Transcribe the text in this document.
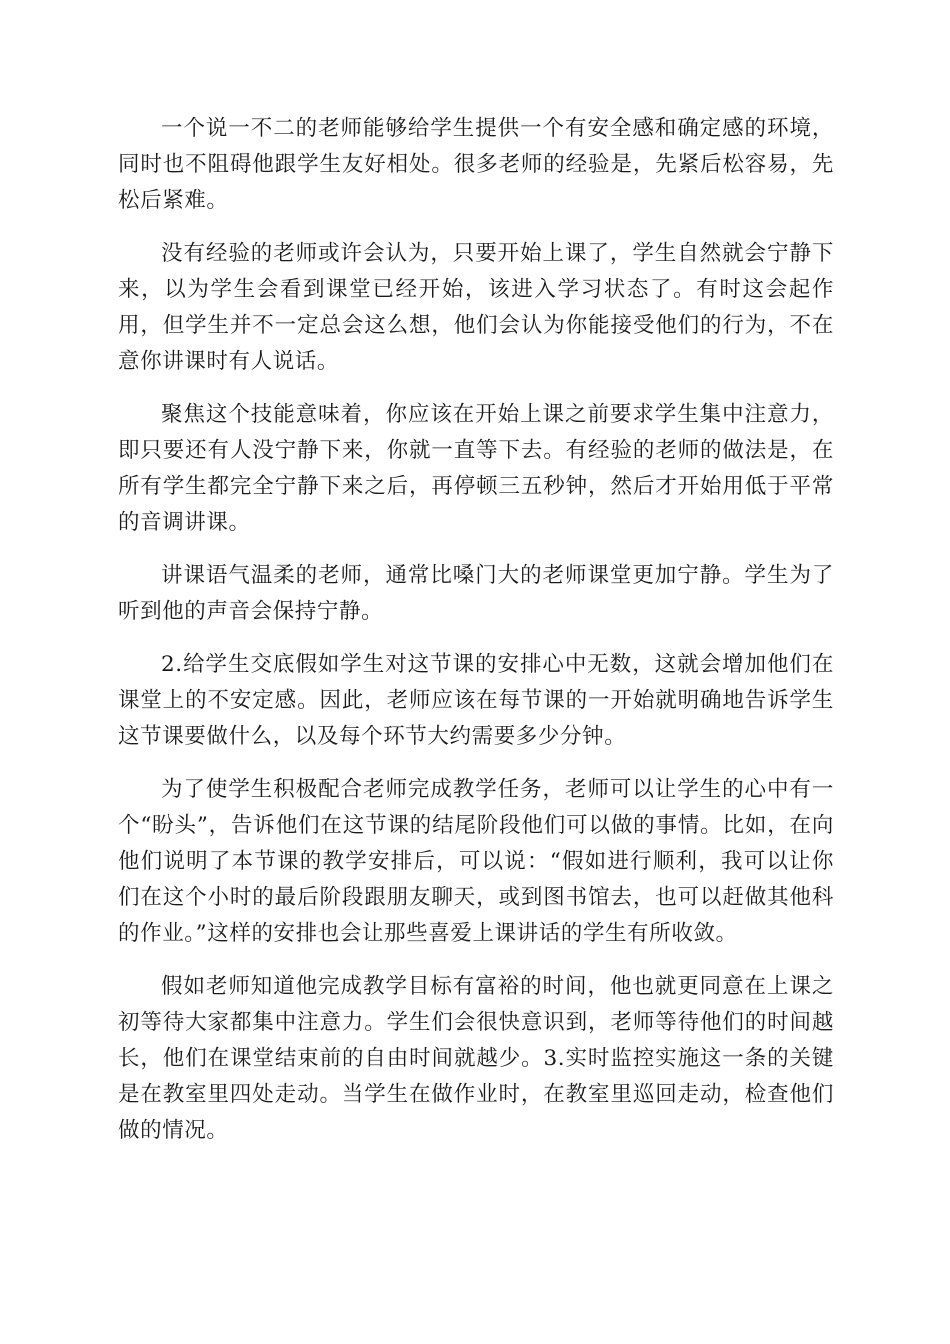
一个说一不二的老师能够给学生提供一个有安全感和确定感的环境，同时也不阻碍他跟学生友好相处。很多老师的经验是，先紧后松容易，先松后紧难。

没有经验的老师或许会认为，只要开始上课了，学生自然就会宁静下来，以为学生会看到课堂已经开始，该进入学习状态了。有时这会起作用，但学生并不一定总会这么想，他们会认为你能接受他们的行为，不在意你讲课时有人说话。

聚焦这个技能意味着，你应该在开始上课之前要求学生集中注意力，即只要还有人没宁静下来，你就一直等下去。有经验的老师的做法是，在所有学生都完全宁静下来之后，再停顿三五秒钟，然后才开始用低于平常的音调讲课。

讲课语气温柔的老师，通常比嗓门大的老师课堂更加宁静。学生为了听到他的声音会保持宁静。

2.给学生交底假如学生对这节课的安排心中无数，这就会增加他们在课堂上的不安定感。因此，老师应该在每节课的一开始就明确地告诉学生这节课要做什么，以及每个环节大约需要多少分钟。

为了使学生积极配合老师完成教学任务，老师可以让学生的心中有一个“盼头”，告诉他们在这节课的结尾阶段他们可以做的事情。比如，在向他们说明了本节课的教学安排后，可以说：“假如进行顺利，我可以让你们在这个小时的最后阶段跟朋友聊天，或到图书馆去，也可以赶做其他科的作业。”这样的安排也会让那些喜爱上课讲话的学生有所收敛。

假如老师知道他完成教学目标有富裕的时间，他也就更同意在上课之初等待大家都集中注意力。学生们会很快意识到，老师等待他们的时间越长，他们在课堂结束前的自由时间就越少。3.实时监控实施这一条的关键是在教室里四处走动。当学生在做作业时，在教室里巡回走动，检查他们做的情况。
